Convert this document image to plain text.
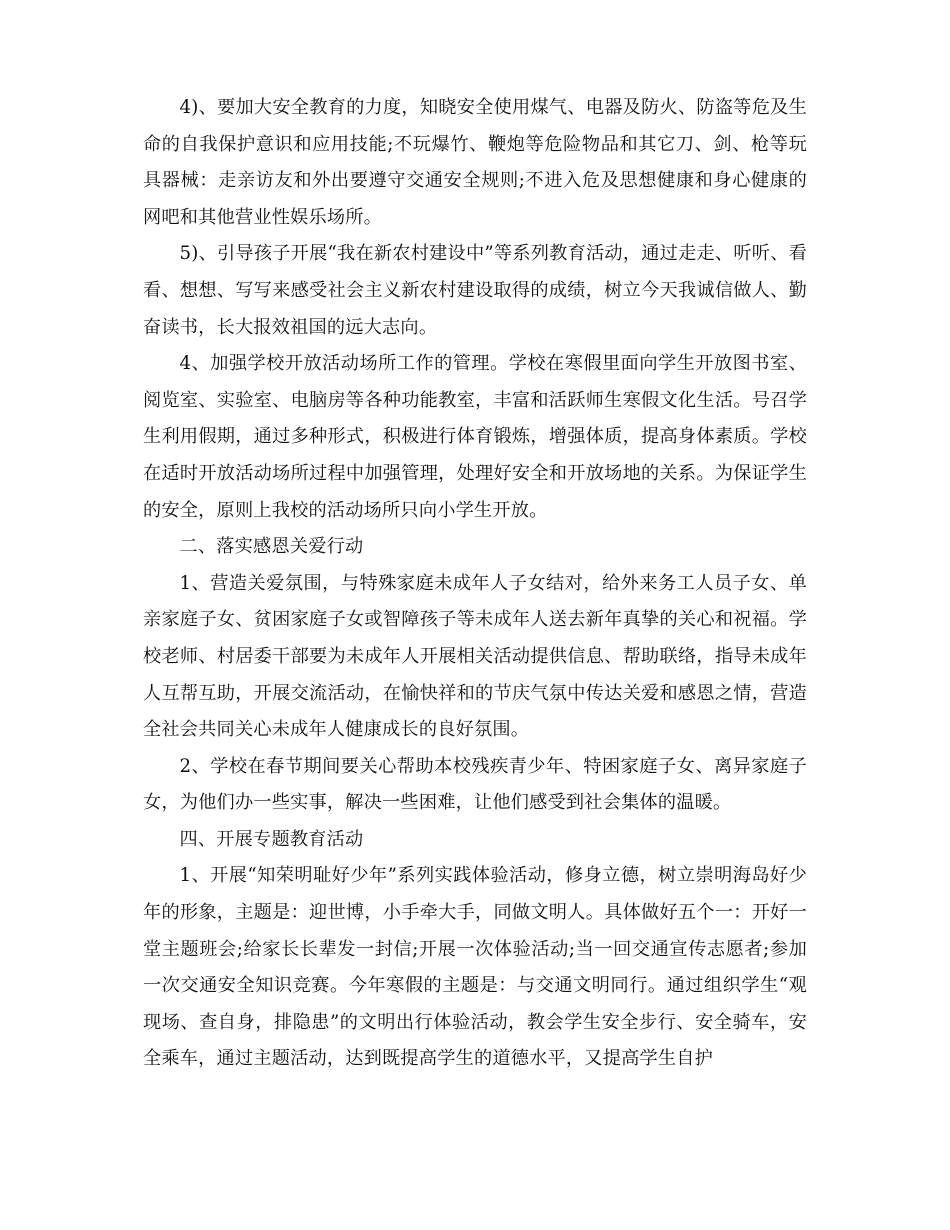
4)、要加大安全教育的力度，知晓安全使用煤气、电器及防火、防盗等危及生命的自我保护意识和应用技能;不玩爆竹、鞭炮等危险物品和其它刀、剑、枪等玩具器械：走亲访友和外出要遵守交通安全规则;不进入危及思想健康和身心健康的网吧和其他营业性娱乐场所。

5)、引导孩子开展“我在新农村建设中”等系列教育活动，通过走走、听听、看看、想想、写写来感受社会主义新农村建设取得的成绩，树立今天我诚信做人、勤奋读书，长大报效祖国的远大志向。

4、加强学校开放活动场所工作的管理。学校在寒假里面向学生开放图书室、阅览室、实验室、电脑房等各种功能教室，丰富和活跃师生寒假文化生活。号召学生利用假期，通过多种形式，积极进行体育锻炼，增强体质，提高身体素质。学校在适时开放活动场所过程中加强管理，处理好安全和开放场地的关系。为保证学生的安全，原则上我校的活动场所只向小学生开放。

二、落实感恩关爱行动

1、营造关爱氛围，与特殊家庭未成年人子女结对，给外来务工人员子女、单亲家庭子女、贫困家庭子女或智障孩子等未成年人送去新年真挚的关心和祝福。学校老师、村居委干部要为未成年人开展相关活动提供信息、帮助联络，指导未成年人互帮互助，开展交流活动，在愉快祥和的节庆气氛中传达关爱和感恩之情，营造全社会共同关心未成年人健康成长的良好氛围。

2、学校在春节期间要关心帮助本校残疾青少年、特困家庭子女、离异家庭子女，为他们办一些实事，解决一些困难，让他们感受到社会集体的温暖。

四、开展专题教育活动

1、开展“知荣明耻好少年”系列实践体验活动，修身立德，树立崇明海岛好少年的形象，主题是：迎世博，小手牵大手，同做文明人。具体做好五个一：开好一堂主题班会;给家长长辈发一封信;开展一次体验活动;当一回交通宣传志愿者;参加一次交通安全知识竞赛。今年寒假的主题是：与交通文明同行。通过组织学生“观现场、查自身，排隐患”的文明出行体验活动，教会学生安全步行、安全骑车，安全乘车，通过主题活动，达到既提高学生的道德水平，又提高学生自护
